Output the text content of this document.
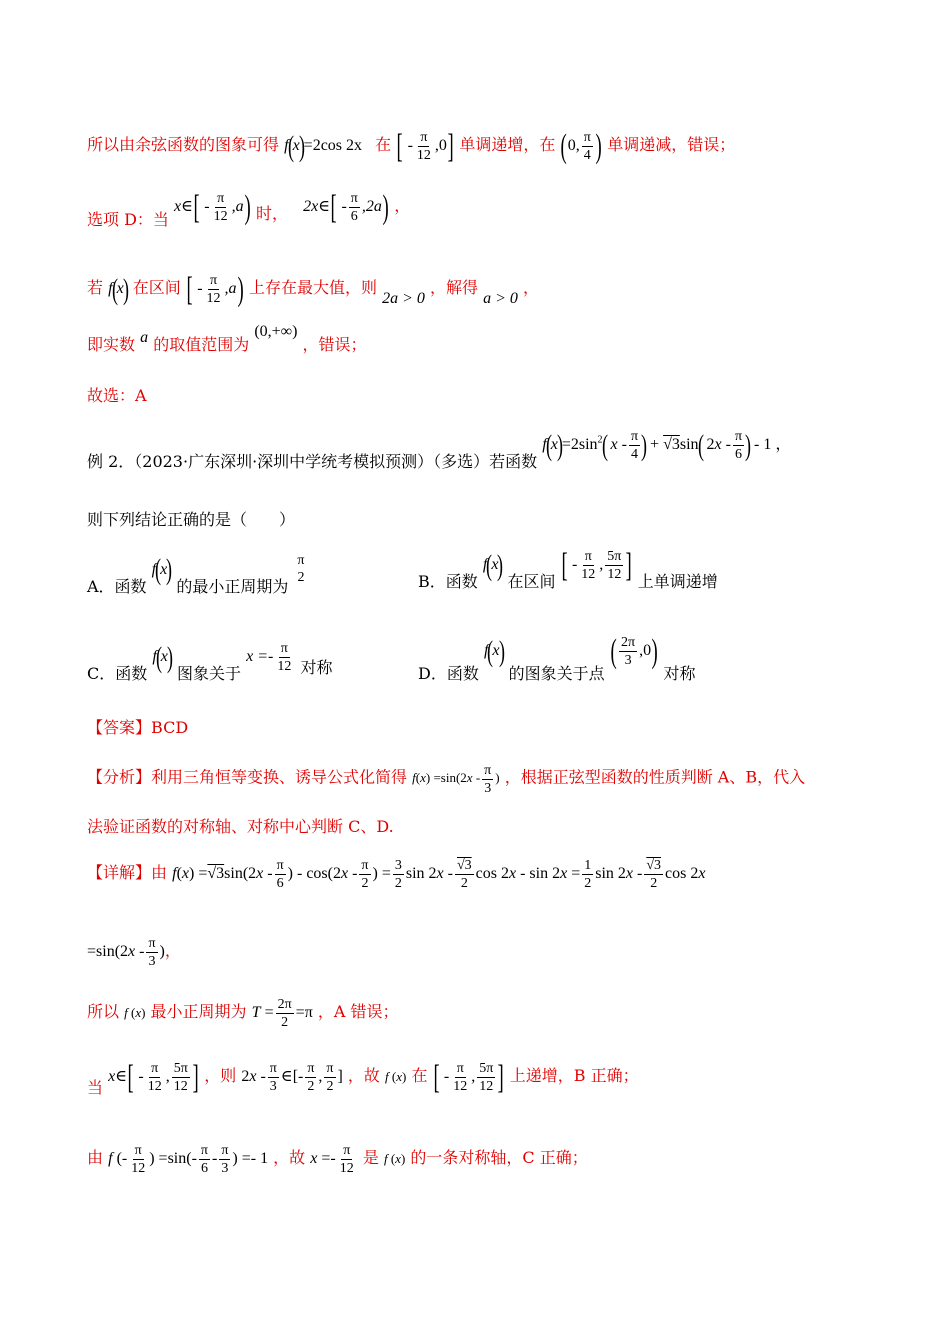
所以由余弦函数的图象可得 f(x)=2cos 2x 在 [ - $\frac{\pi}{12} ,0$] 单调递增，在 (0, $\frac{\pi}{4}$ ) 单调递减，错误；
选项 D：当 x∈[ - $\frac{\pi}{12} ,a$) 时， 2x∈[ - $\frac{\pi}{6} ,2a$) ，
若 f(x) 在区间 [ - $\frac{\pi}{12} ,a$) 上存在最大值，则 2a > 0 ，解得 a > 0 ，
即实数 a 的取值范围为 (0,+∞) ，错误；
故选：A
例 2．（2023·广东深圳·深圳中学统考模拟预测）（多选）若函数 $f(x)=2\sin^2$( x - $\frac{\pi}{4}$ ) + √3sin( $2x - \frac{\pi}{6}$ ) - 1 ，
则下列结论正确的是（　　）
A．函数 f(x) 的最小正周期为
π
2	B．函数 f(x) 在区间 [ - $\frac{\pi}{12}$ , $\frac{5\pi}{12}$ ] 上单调递增
C．函数 f(x) 图象关于 $x =- \frac{\pi}{12}$ 对称	D．函数 f(x) 的图象关于点 ( $\frac{2\pi}{3} ,0$) 对称
【答案】BCD
【分析】利用三角恒等变换、诱导公式化简得 $f(x) =\sin(2x - \frac{\pi}{3}$ ) ，根据正弦型函数的性质判断 A、B，代入
法验证函数的对称轴、对称中心判断 C、D.
【详解】由 $f(x) =√3\sin(2x - \frac{\pi}{6}$ ) - $\cos(2x - \frac{\pi}{2}$ ) = $\frac{3}{2}$ $\sin 2x - \frac{√3}{2}$ $\cos 2x - \sin 2x = \frac{1}{2}$ $\sin 2x - \frac{√3}{2}$ cos 2x
$=\sin(2x - \frac{\pi}{3}$ )，
所以 f (x) 最小正周期为 $T = \frac{2\pi}{2} =\pi$ ，A 错误；
当 x∈[ - $\frac{\pi}{12}$ , $\frac{5\pi}{12}$ ] ，则 $2x - \frac{\pi}{3}$ ∈[- $\frac{\pi}{2}$ , $\frac{\pi}{2}$ ] ，故 f (x) 在 [ - $\frac{\pi}{12}$ , $\frac{5\pi}{12}$ ] 上递增，B 正确；
由 f (- $\frac{\pi}{12}$ ) $=\sin(- \frac{\pi}{6} - \frac{\pi}{3}$ ) =- 1 ，故 $x =- \frac{\pi}{12}$ 是 f (x) 的一条对称轴，C 正确；
